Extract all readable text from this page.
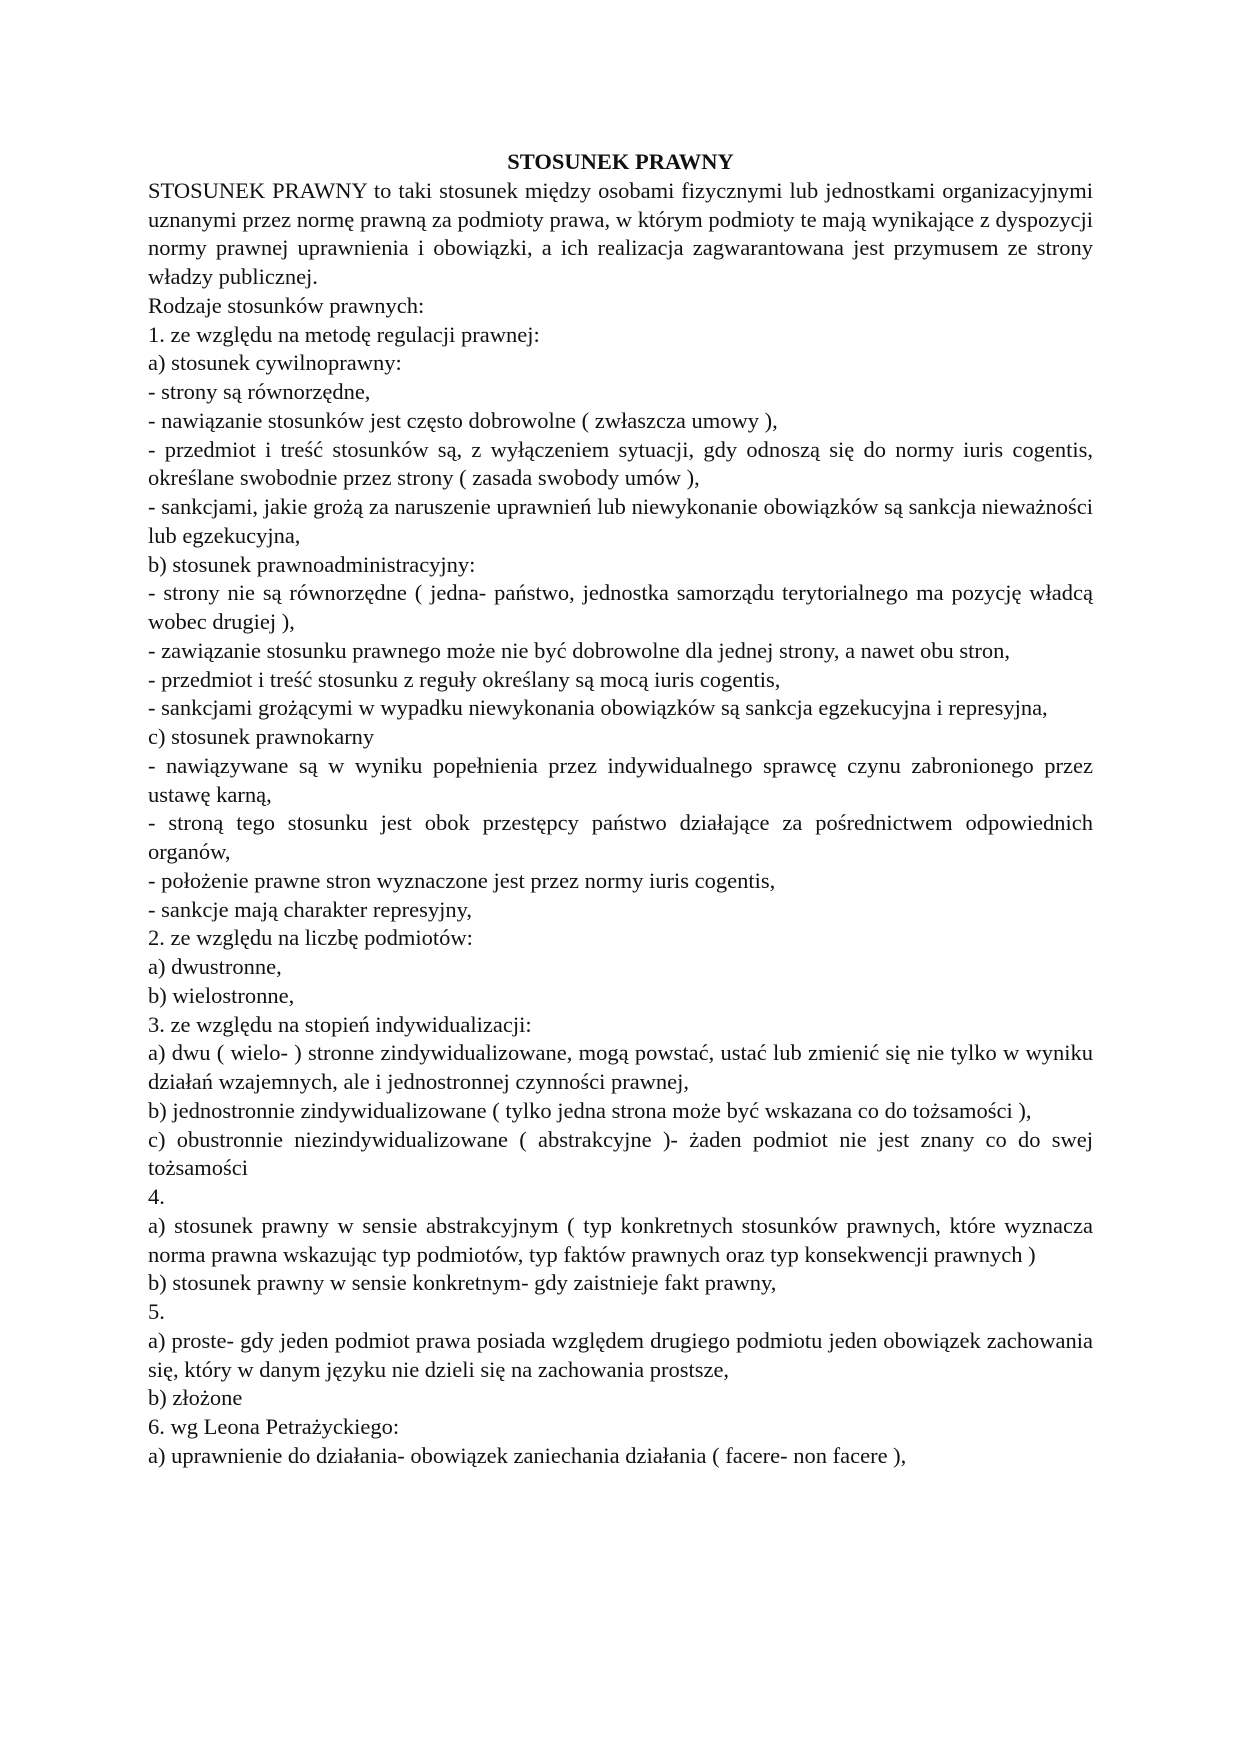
STOSUNEK PRAWNY

STOSUNEK PRAWNY to taki stosunek między osobami fizycznymi lub jednostkami organizacyjnymi uznanymi przez normę prawną za podmioty prawa, w którym podmioty te mają wynikające z dyspozycji normy prawnej uprawnienia i obowiązki, a ich realizacja zagwarantowana jest przymusem ze strony władzy publicznej.

Rodzaje stosunków prawnych:

1. ze względu na metodę regulacji prawnej:

a) stosunek cywilnoprawny:

- strony są równorzędne,

- nawiązanie stosunków jest często dobrowolne ( zwłaszcza umowy ),

- przedmiot i treść stosunków są, z wyłączeniem sytuacji, gdy odnoszą się do normy iuris cogentis, określane swobodnie przez strony ( zasada swobody umów ),

- sankcjami, jakie grożą za naruszenie uprawnień lub niewykonanie obowiązków są sankcja nieważności lub egzekucyjna,

b) stosunek prawnoadministracyjny:

- strony nie są równorzędne ( jedna- państwo, jednostka samorządu terytorialnego ma pozycję władcą wobec drugiej ),

- zawiązanie stosunku prawnego może nie być dobrowolne dla jednej strony, a nawet obu stron,

- przedmiot i treść stosunku z reguły określany są mocą iuris cogentis,

- sankcjami grożącymi w wypadku niewykonania obowiązków są sankcja egzekucyjna i represyjna,

c) stosunek prawnokarny

- nawiązywane są w wyniku popełnienia przez indywidualnego sprawcę czynu zabronionego przez ustawę karną,

- stroną tego stosunku jest obok przestępcy państwo działające za pośrednictwem odpowiednich organów,

- położenie prawne stron wyznaczone jest przez normy iuris cogentis,

- sankcje mają charakter represyjny,

2. ze względu na liczbę podmiotów:

a) dwustronne,

b) wielostronne,

3. ze względu na stopień indywidualizacji:

a) dwu ( wielo- ) stronne zindywidualizowane, mogą powstać, ustać lub zmienić się nie tylko w wyniku działań wzajemnych, ale i jednostronnej czynności prawnej,

b) jednostronnie zindywidualizowane ( tylko jedna strona może być wskazana co do tożsamości ),

c) obustronnie niezindywidualizowane ( abstrakcyjne )- żaden podmiot nie jest znany co do swej tożsamości

4.

a) stosunek prawny w sensie abstrakcyjnym ( typ konkretnych stosunków prawnych, które wyznacza norma prawna wskazując typ podmiotów, typ faktów prawnych oraz typ konsekwencji prawnych )

b) stosunek prawny w sensie konkretnym- gdy zaistnieje fakt prawny,

5.

a) proste- gdy jeden podmiot prawa posiada względem drugiego podmiotu jeden obowiązek zachowania się, który w danym języku nie dzieli się na zachowania prostsze,

b) złożone

6. wg Leona Petrażyckiego:

a) uprawnienie do działania- obowiązek zaniechania działania ( facere- non facere ),
